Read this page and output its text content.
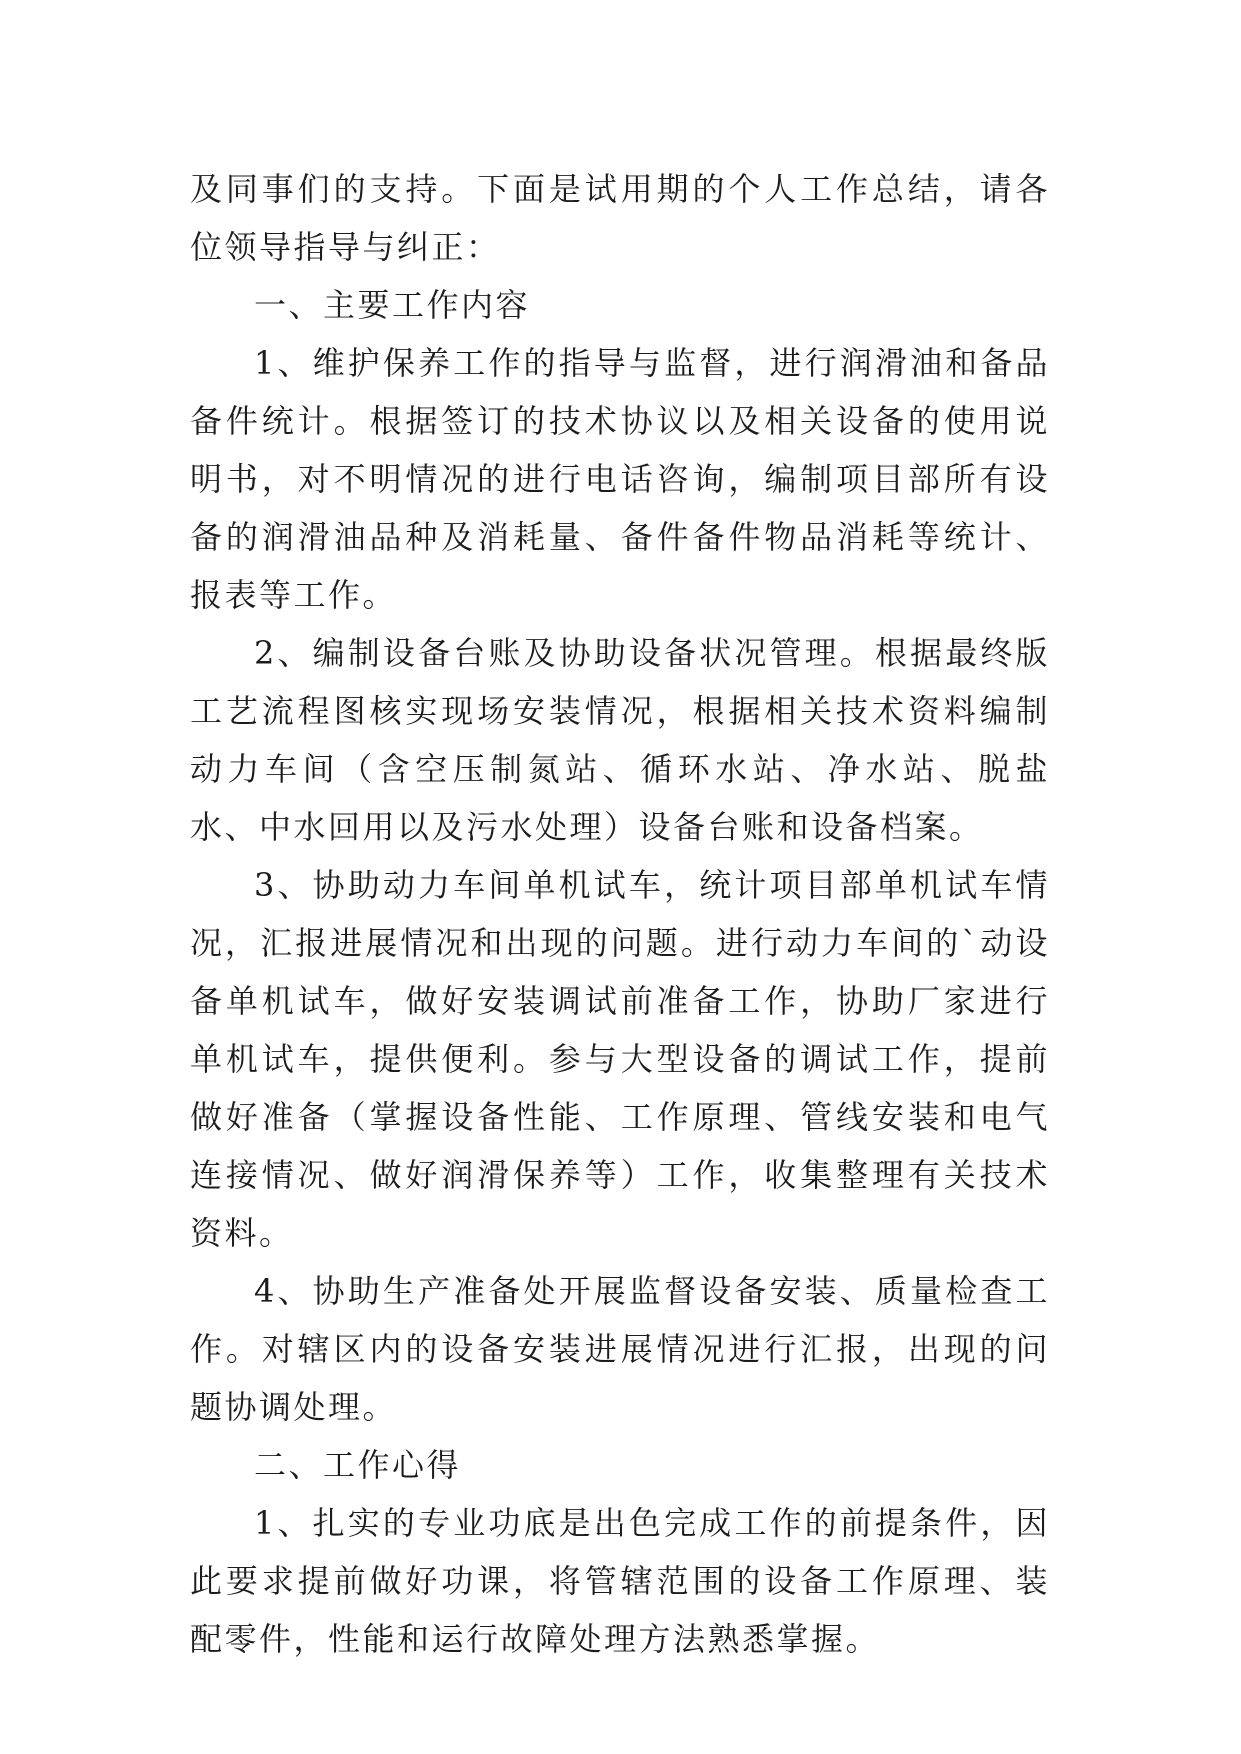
及同事们的支持。下面是试用期的个人工作总结，请各位领导指导与纠正：

一、主要工作内容

1、维护保养工作的指导与监督，进行润滑油和备品备件统计。根据签订的技术协议以及相关设备的使用说明书，对不明情况的进行电话咨询，编制项目部所有设备的润滑油品种及消耗量、备件备件物品消耗等统计、报表等工作。

2、编制设备台账及协助设备状况管理。根据最终版工艺流程图核实现场安装情况，根据相关技术资料编制动力车间（含空压制氮站、循环水站、净水站、脱盐水、中水回用以及污水处理）设备台账和设备档案。

3、协助动力车间单机试车，统计项目部单机试车情况，汇报进展情况和出现的问题。进行动力车间的`动设备单机试车，做好安装调试前准备工作，协助厂家进行单机试车，提供便利。参与大型设备的调试工作，提前做好准备（掌握设备性能、工作原理、管线安装和电气连接情况、做好润滑保养等）工作，收集整理有关技术资料。

4、协助生产准备处开展监督设备安装、质量检查工作。对辖区内的设备安装进展情况进行汇报，出现的问题协调处理。

二、工作心得

1、扎实的专业功底是出色完成工作的前提条件，因此要求提前做好功课，将管辖范围的设备工作原理、装配零件，性能和运行故障处理方法熟悉掌握。
